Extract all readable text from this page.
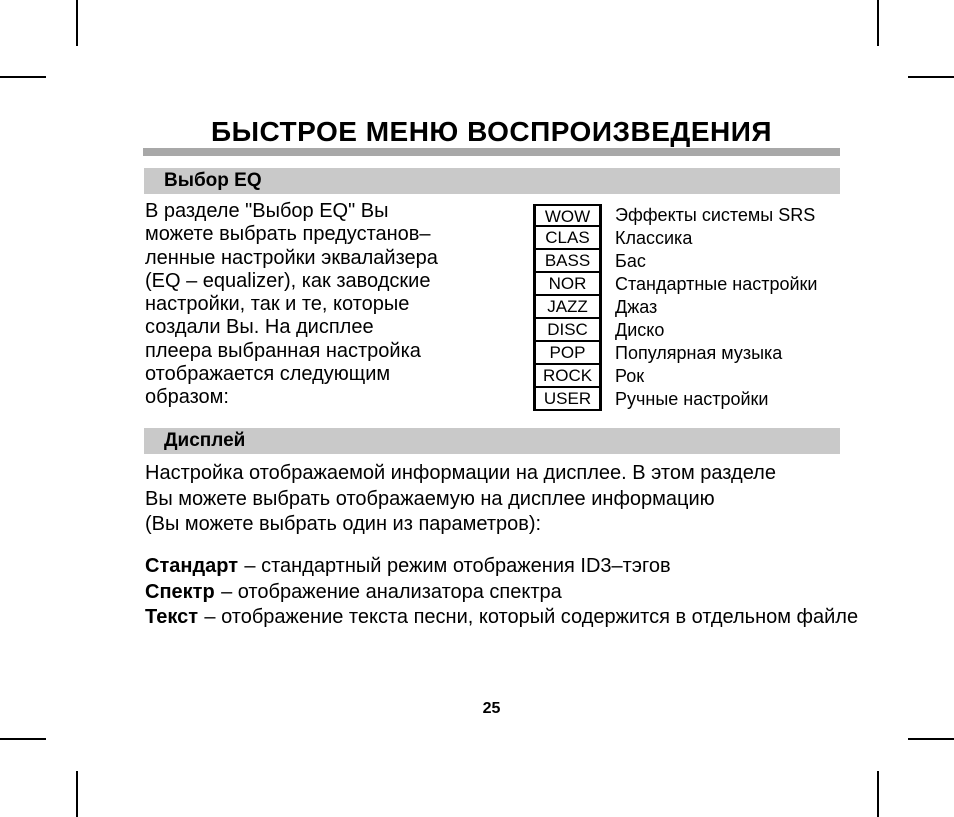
БЫСТРОЕ МЕНЮ ВОСПРОИЗВЕДЕНИЯ
Выбор EQ
В разделе "Выбор EQ" Вы
можете выбрать предустанов–
ленные настройки эквалайзера
(EQ – equalizer), как заводские
настройки, так и те, которые
создали Вы. На дисплее
плеера выбранная настройка
отображается следующим
образом:
WOW	Эффекты системы SRS
CLAS	Классика
BASS	Бас
NOR	Стандартные настройки
JAZZ	Джаз
DISC	Диско
POP	Популярная музыка
ROCK	Рок
USER	Ручные настройки
Дисплей
Настройка отображаемой информации на дисплее. В этом разделе
Вы можете выбрать отображаемую на дисплее информацию
(Вы можете выбрать один из параметров):
Стандарт – стандартный режим отображения ID3–тэгов
Спектр – отображение анализатора спектра
Текст – отображение текста песни, который содержится в отдельном файле
25
